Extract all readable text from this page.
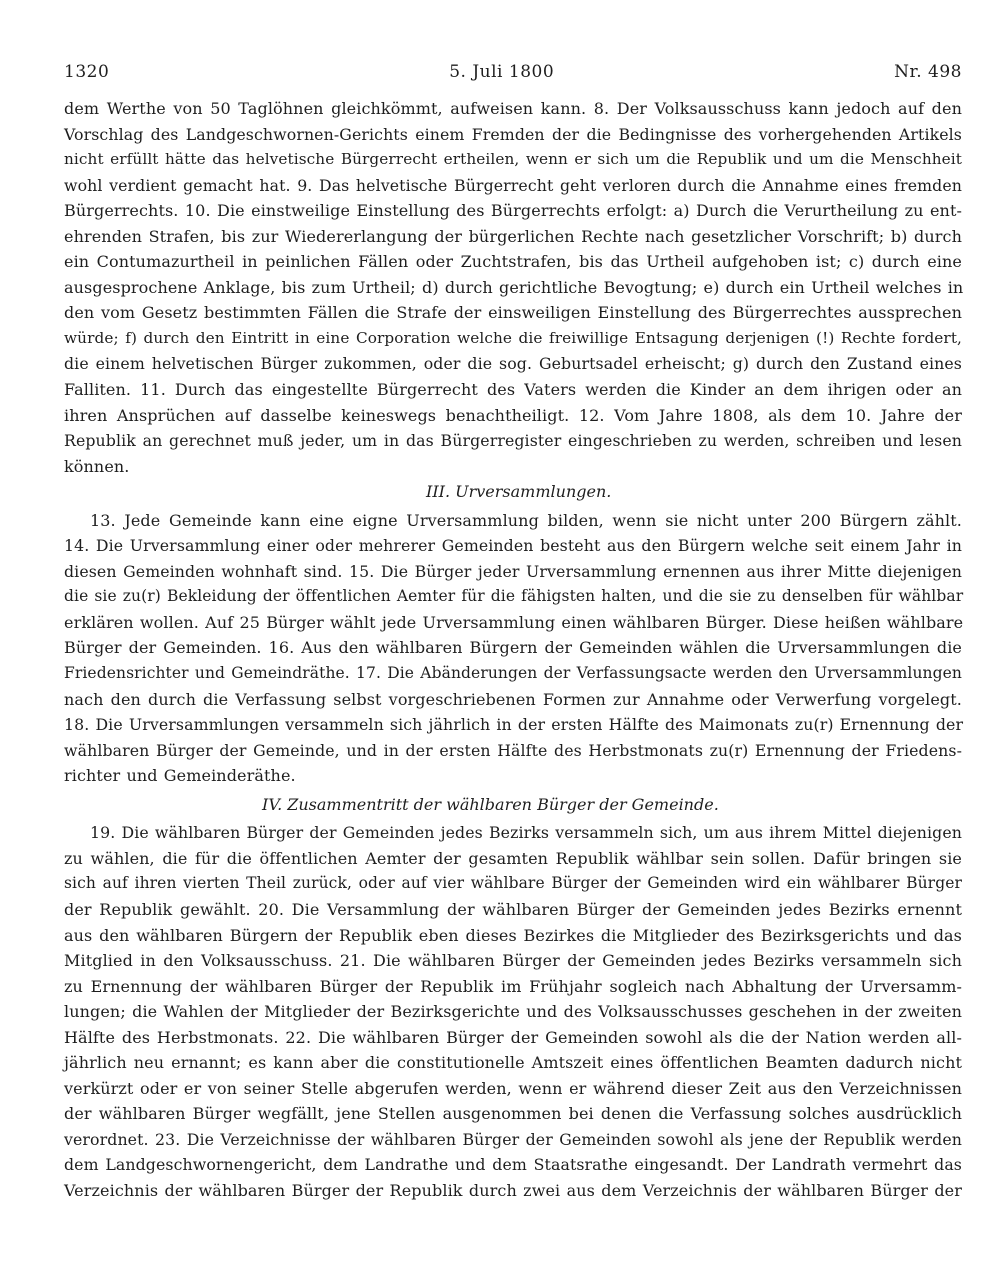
1320	5. Juli 1800	Nr. 498
dem Werthe von 50 Taglöhnen gleichkömmt, aufweisen kann. 8. Der Volksausschuss kann jedoch auf den
Vorschlag des Landgeschwornen-Gerichts einem Fremden der die Bedingnisse des vorhergehenden Artikels
nicht erfüllt hätte das helvetische Bürgerrecht ertheilen, wenn er sich um die Republik und um die Menschheit
wohl verdient gemacht hat. 9. Das helvetische Bürgerrecht geht verloren durch die Annahme eines fremden
Bürgerrechts. 10. Die einstweilige Einstellung des Bürgerrechts erfolgt: a) Durch die Verurtheilung zu ent-
ehrenden Strafen, bis zur Wiedererlangung der bürgerlichen Rechte nach gesetzlicher Vorschrift; b) durch
ein Contumazurtheil in peinlichen Fällen oder Zuchtstrafen, bis das Urtheil aufgehoben ist; c) durch eine
ausgesprochene Anklage, bis zum Urtheil; d) durch gerichtliche Bevogtung; e) durch ein Urtheil welches in
den vom Gesetz bestimmten Fällen die Strafe der einsweiligen Einstellung des Bürgerrechtes aussprechen
würde; f) durch den Eintritt in eine Corporation welche die freiwillige Entsagung derjenigen (!) Rechte fordert,
die einem helvetischen Bürger zukommen, oder die sog. Geburtsadel erheischt; g) durch den Zustand eines
Falliten. 11. Durch das eingestellte Bürgerrecht des Vaters werden die Kinder an dem ihrigen oder an
ihren Ansprüchen auf dasselbe keineswegs benachtheiligt. 12. Vom Jahre 1808, als dem 10. Jahre der
Republik an gerechnet muß jeder, um in das Bürgerregister eingeschrieben zu werden, schreiben und lesen
können.
III. Urversammlungen.
13. Jede Gemeinde kann eine eigne Urversammlung bilden, wenn sie nicht unter 200 Bürgern zählt.
14. Die Urversammlung einer oder mehrerer Gemeinden besteht aus den Bürgern welche seit einem Jahr in
diesen Gemeinden wohnhaft sind. 15. Die Bürger jeder Urversammlung ernennen aus ihrer Mitte diejenigen
die sie zu(r) Bekleidung der öffentlichen Aemter für die fähigsten halten, und die sie zu denselben für wählbar
erklären wollen. Auf 25 Bürger wählt jede Urversammlung einen wählbaren Bürger. Diese heißen wählbare
Bürger der Gemeinden. 16. Aus den wählbaren Bürgern der Gemeinden wählen die Urversammlungen die
Friedensrichter und Gemeindräthe. 17. Die Abänderungen der Verfassungsacte werden den Urversammlungen
nach den durch die Verfassung selbst vorgeschriebenen Formen zur Annahme oder Verwerfung vorgelegt.
18. Die Urversammlungen versammeln sich jährlich in der ersten Hälfte des Maimonats zu(r) Ernennung der
wählbaren Bürger der Gemeinde, und in der ersten Hälfte des Herbstmonats zu(r) Ernennung der Friedens-
richter und Gemeinderäthe.
IV. Zusammentritt der wählbaren Bürger der Gemeinde.
19. Die wählbaren Bürger der Gemeinden jedes Bezirks versammeln sich, um aus ihrem Mittel diejenigen
zu wählen, die für die öffentlichen Aemter der gesamten Republik wählbar sein sollen. Dafür bringen sie
sich auf ihren vierten Theil zurück, oder auf vier wählbare Bürger der Gemeinden wird ein wählbarer Bürger
der Republik gewählt. 20. Die Versammlung der wählbaren Bürger der Gemeinden jedes Bezirks ernennt
aus den wählbaren Bürgern der Republik eben dieses Bezirkes die Mitglieder des Bezirksgerichts und das
Mitglied in den Volksausschuss. 21. Die wählbaren Bürger der Gemeinden jedes Bezirks versammeln sich
zu Ernennung der wählbaren Bürger der Republik im Frühjahr sogleich nach Abhaltung der Urversamm-
lungen; die Wahlen der Mitglieder der Bezirksgerichte und des Volksausschusses geschehen in der zweiten
Hälfte des Herbstmonats. 22. Die wählbaren Bürger der Gemeinden sowohl als die der Nation werden all-
jährlich neu ernannt; es kann aber die constitutionelle Amtszeit eines öffentlichen Beamten dadurch nicht
verkürzt oder er von seiner Stelle abgerufen werden, wenn er während dieser Zeit aus den Verzeichnissen
der wählbaren Bürger wegfällt, jene Stellen ausgenommen bei denen die Verfassung solches ausdrücklich
verordnet. 23. Die Verzeichnisse der wählbaren Bürger der Gemeinden sowohl als jene der Republik werden
dem Landgeschwornengericht, dem Landrathe und dem Staatsrathe eingesandt. Der Landrath vermehrt das
Verzeichnis der wählbaren Bürger der Republik durch zwei aus dem Verzeichnis der wählbaren Bürger der
